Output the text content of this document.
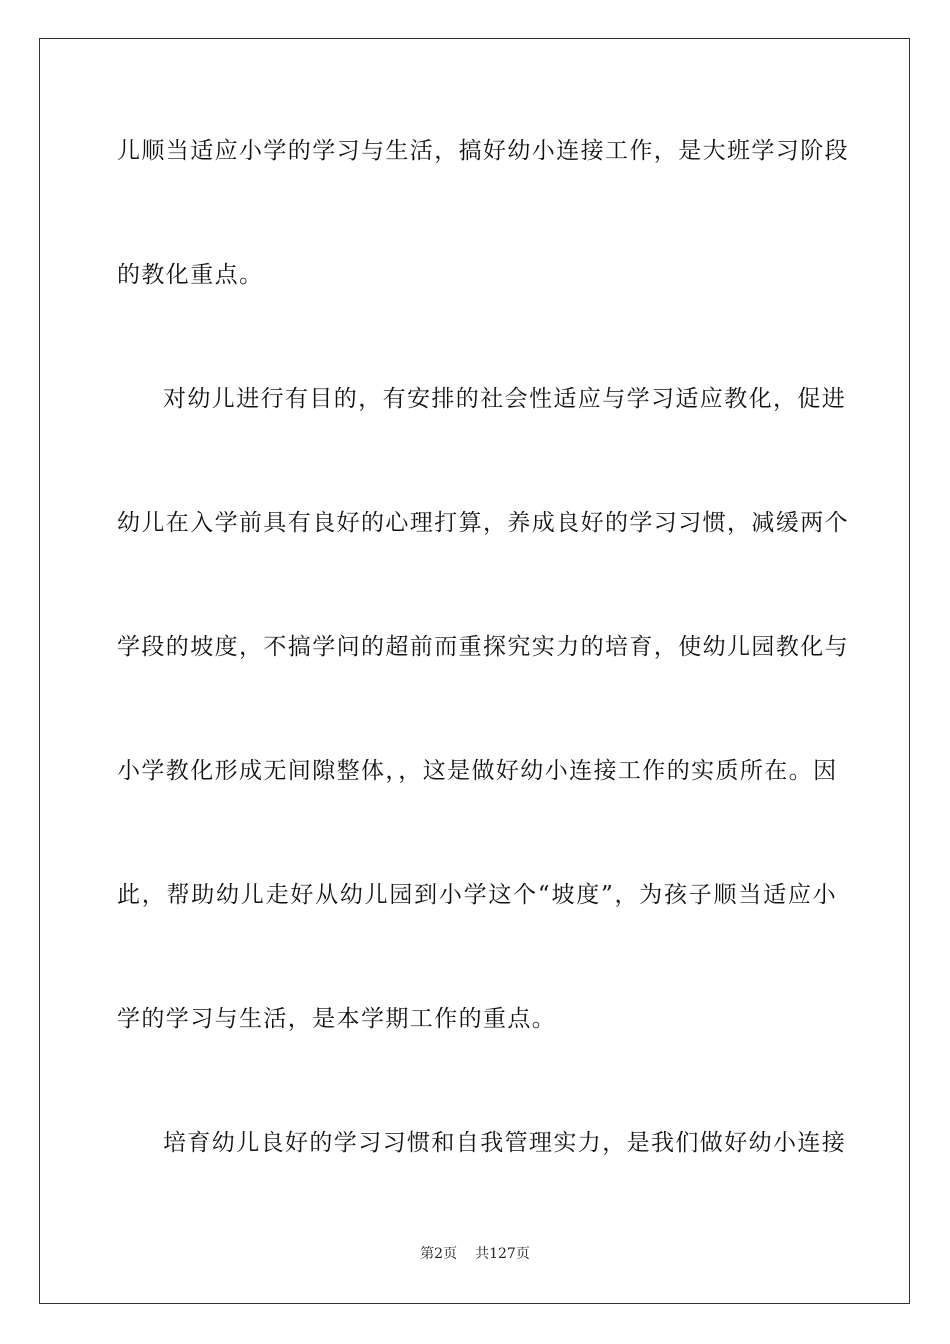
儿顺当适应小学的学习与生活，搞好幼小连接工作，是大班学习阶段
的教化重点。
对幼儿进行有目的，有安排的社会性适应与学习适应教化，促进
幼儿在入学前具有良好的心理打算，养成良好的学习习惯，减缓两个
学段的坡度，不搞学问的超前而重探究实力的培育，使幼儿园教化与
小学教化形成无间隙整体，，这是做好幼小连接工作的实质所在。因
此，帮助幼儿走好从幼儿园到小学这个“坡度”，为孩子顺当适应小
学的学习与生活，是本学期工作的重点。
培育幼儿良好的学习习惯和自我管理实力，是我们做好幼小连接
第2页 共127页
